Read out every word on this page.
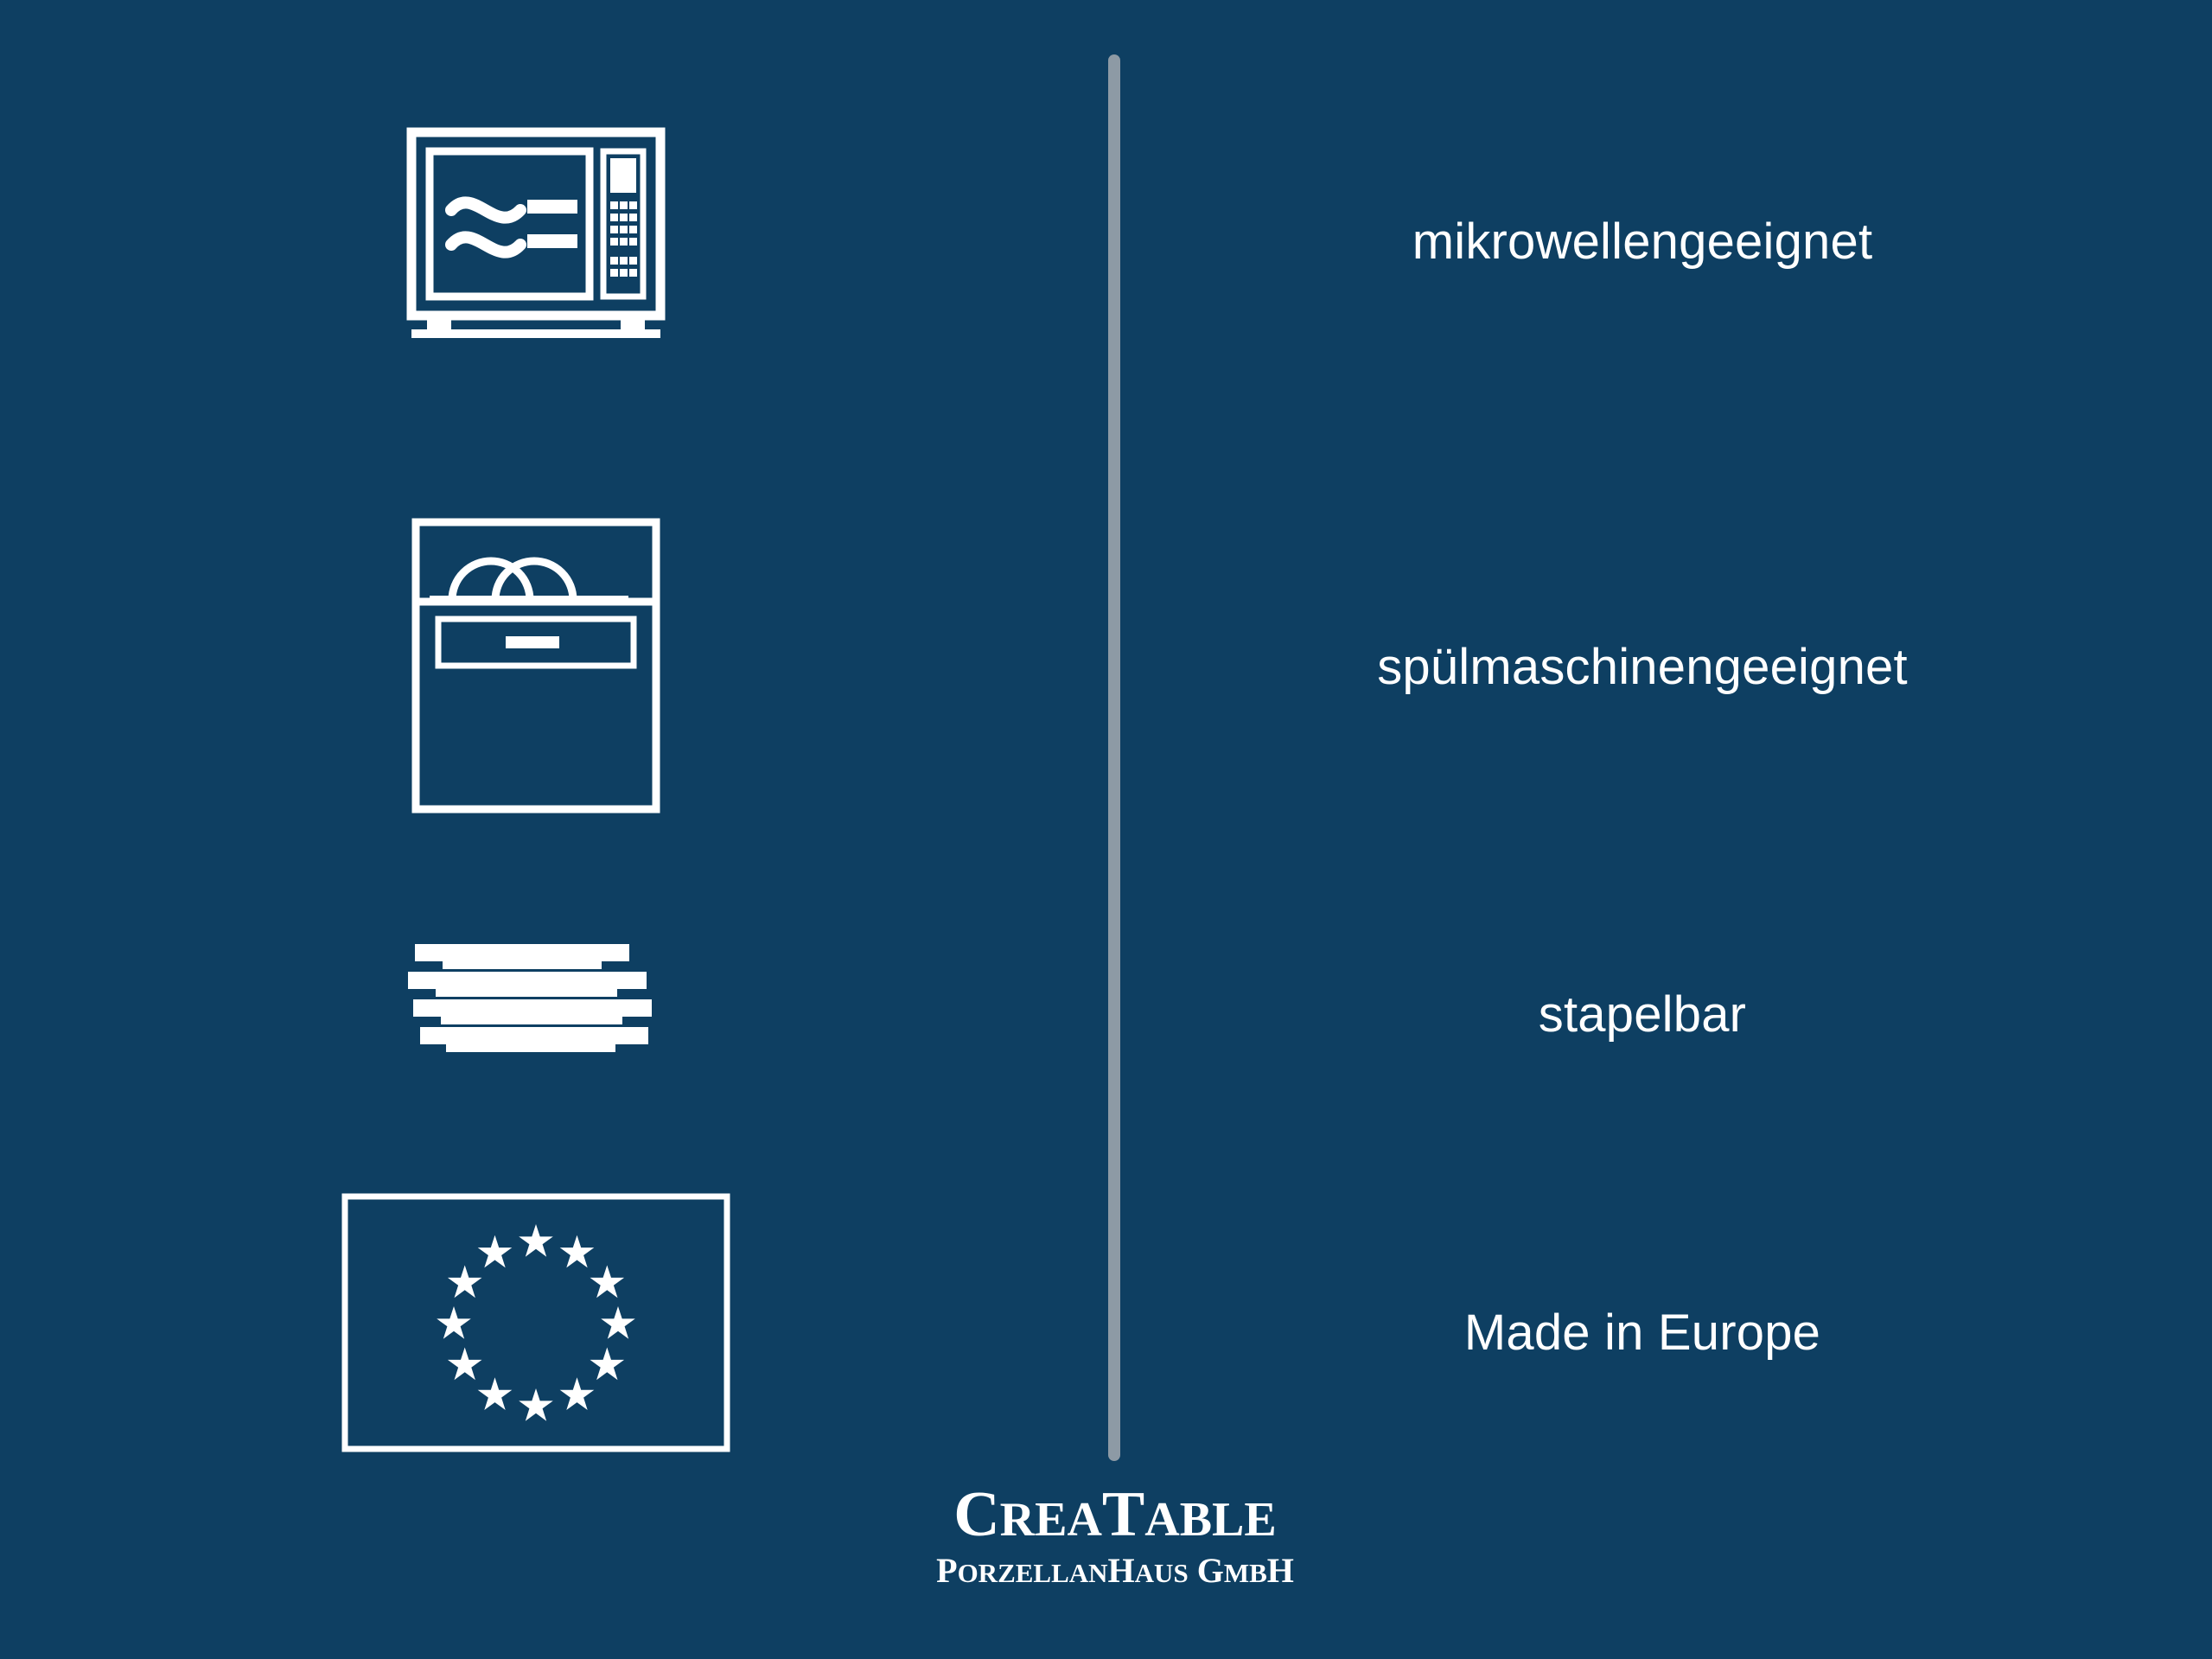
mikrowellengeeignet
spülmaschinengeeignet
stapelbar
Made in Europe
CREATABLE
PORZELLANHAUS GMBH
